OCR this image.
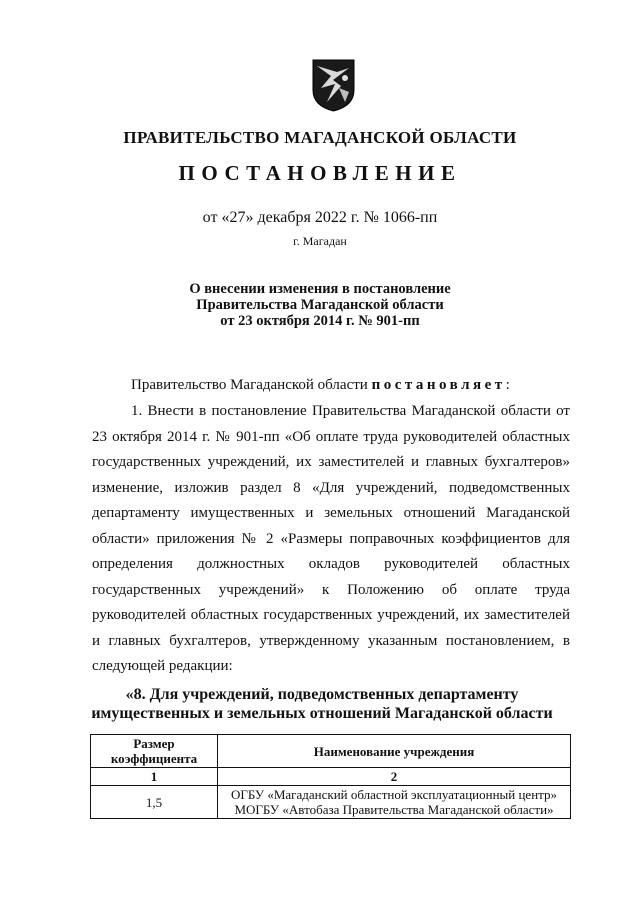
ПРАВИТЕЛЬСТВО МАГАДАНСКОЙ ОБЛАСТИ
ПОСТАНОВЛЕНИЕ
от «27» декабря 2022 г. № 1066-пп
г. Магадан
О внесении изменения в постановление
Правительства Магаданской области
от 23 октября 2014 г. № 901-пп
Правительство Магаданской области постановляет:
1. Внести в постановление Правительства Магаданской области от 23 октября 2014 г. № 901-пп «Об оплате труда руководителей областных государственных учреждений, их заместителей и главных бухгалтеров» изменение, изложив раздел 8 «Для учреждений, подведомственных департаменту имущественных и земельных отношений Магаданской области» приложения № 2 «Размеры поправочных коэффициентов для определения должностных окладов руководителей областных государственных учреждений» к Положению об оплате труда руководителей областных государственных учреждений, их заместителей и главных бухгалтеров, утвержденному указанным постановлением, в следующей редакции:
«8. Для учреждений, подведомственных департаменту
имущественных и земельных отношений Магаданской области
Размер коэффициента	Наименование учреждения
1	2
1,5	ОГБУ «Магаданский областной эксплуатационный центр»
МОГБУ «Автобаза Правительства Магаданской области»
